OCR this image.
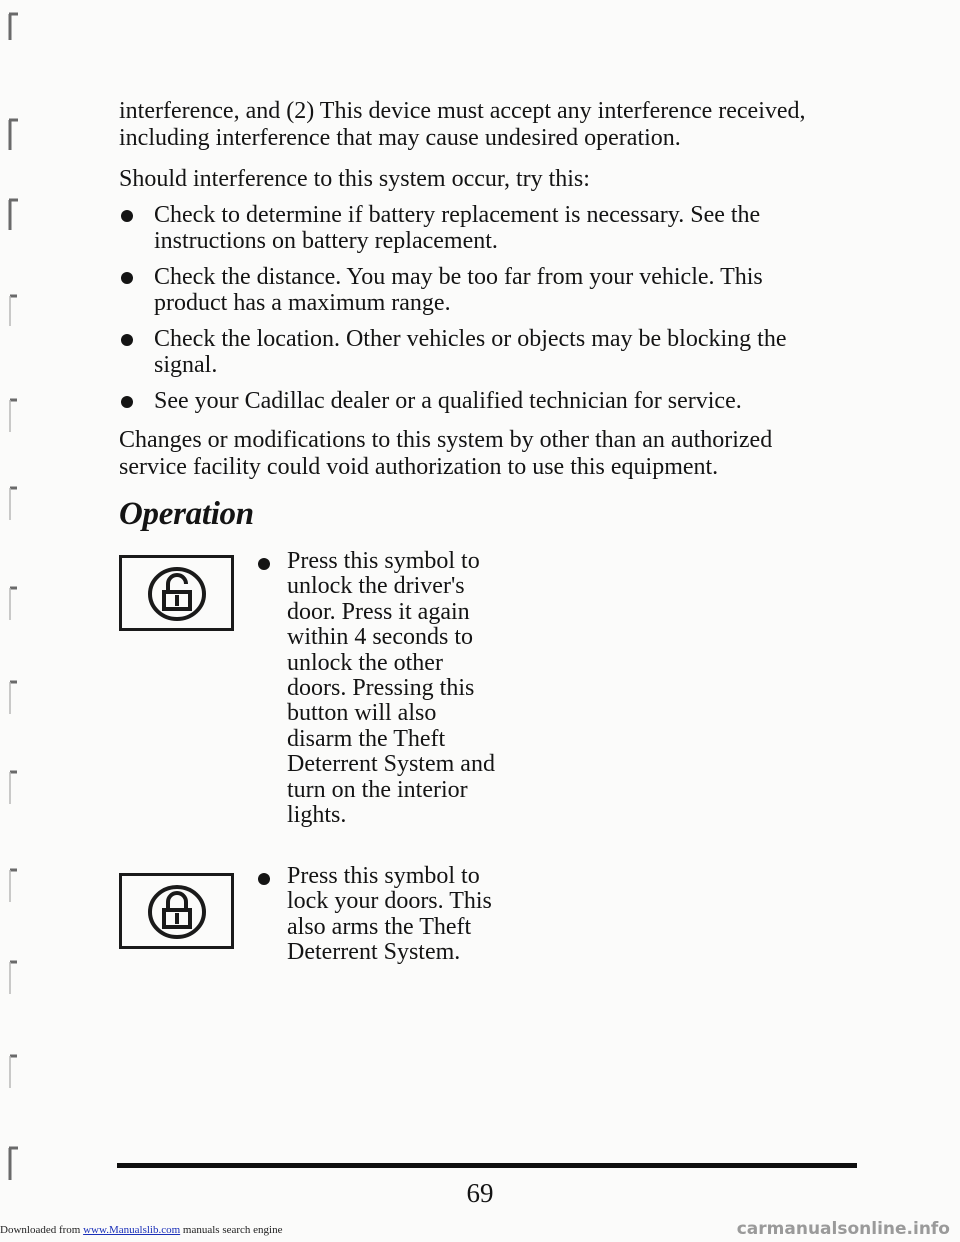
interference, and (2) This device must accept any interference received, including interference that may cause undesired operation.

Should interference to this system occur, try this:

Check to determine if battery replacement is necessary. See the instructions on battery replacement.
Check the distance. You may be too far from your vehicle. This product has a maximum range.
Check the location. Other vehicles or objects may be blocking the signal.
See your Cadillac dealer or a qualified technician for service.

Changes or modifications to this system by other than an authorized service facility could void authorization to use this equipment.

Operation

Press this symbol to unlock the driver's door. Press it again within 4 seconds to unlock the other doors. Pressing this button will also disarm the Theft Deterrent System and turn on the interior lights.

Press this symbol to lock your doors. This also arms the Theft Deterrent System.

69
Downloaded from www.Manualslib.com manuals search engine	carmanualsonline.info
